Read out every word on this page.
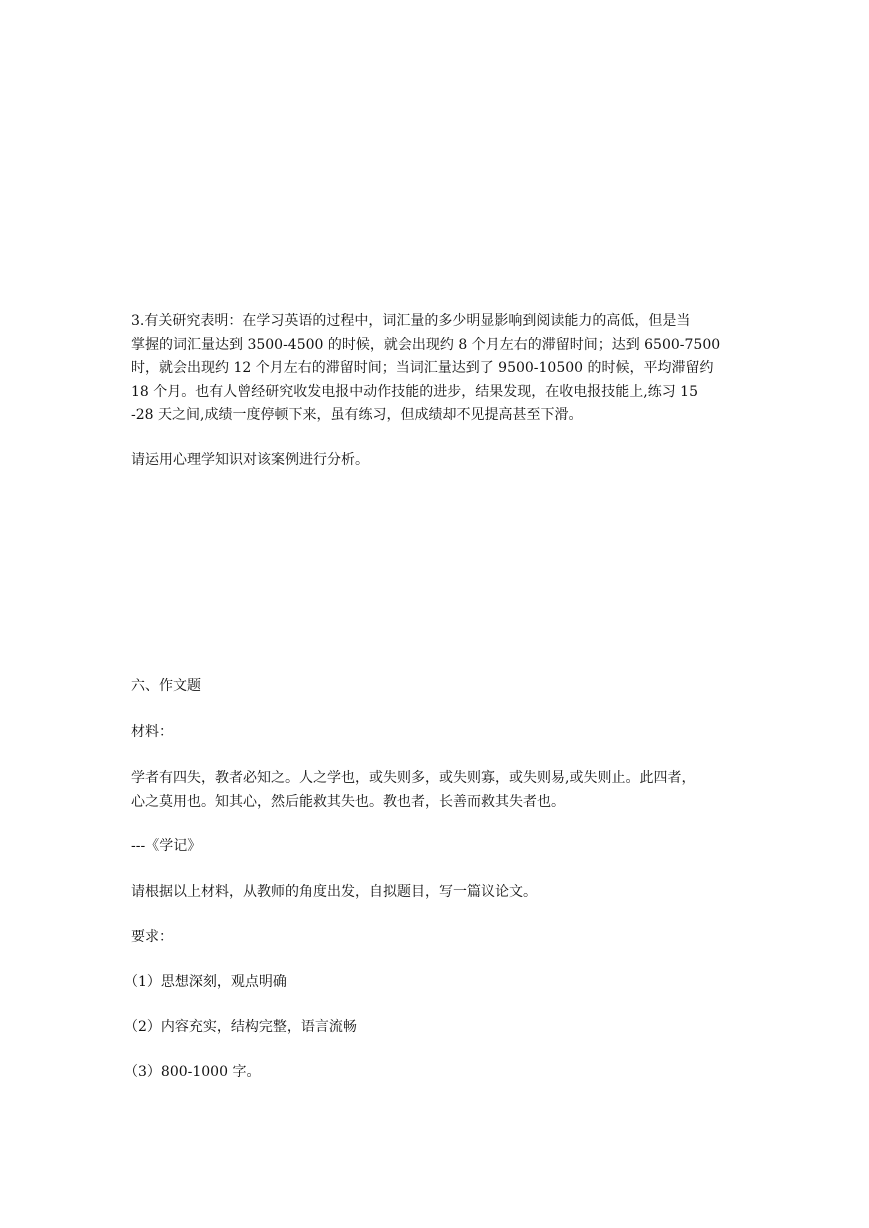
3.有关研究表明：在学习英语的过程中，词汇量的多少明显影响到阅读能力的高低，但是当
掌握的词汇量达到 3500-4500 的时候，就会出现约 8 个月左右的滞留时间；达到 6500-7500
时，就会出现约 12 个月左右的滞留时间；当词汇量达到了 9500-10500 的时候，平均滞留约
18 个月。也有人曾经研究收发电报中动作技能的进步，结果发现，在收电报技能上,练习 15
-28 天之间,成绩一度停顿下来，虽有练习，但成绩却不见提高甚至下滑。
请运用心理学知识对该案例进行分析。
六、作文题
材料：
学者有四失，教者必知之。人之学也，或失则多，或失则寡，或失则易,或失则止。此四者，
心之莫用也。知其心，然后能救其失也。教也者，长善而救其失者也。
---《学记》
请根据以上材料，从教师的角度出发，自拟题目，写一篇议论文。
要求：
（1）思想深刻，观点明确
（2）内容充实，结构完整，语言流畅
（3）800-1000 字。
